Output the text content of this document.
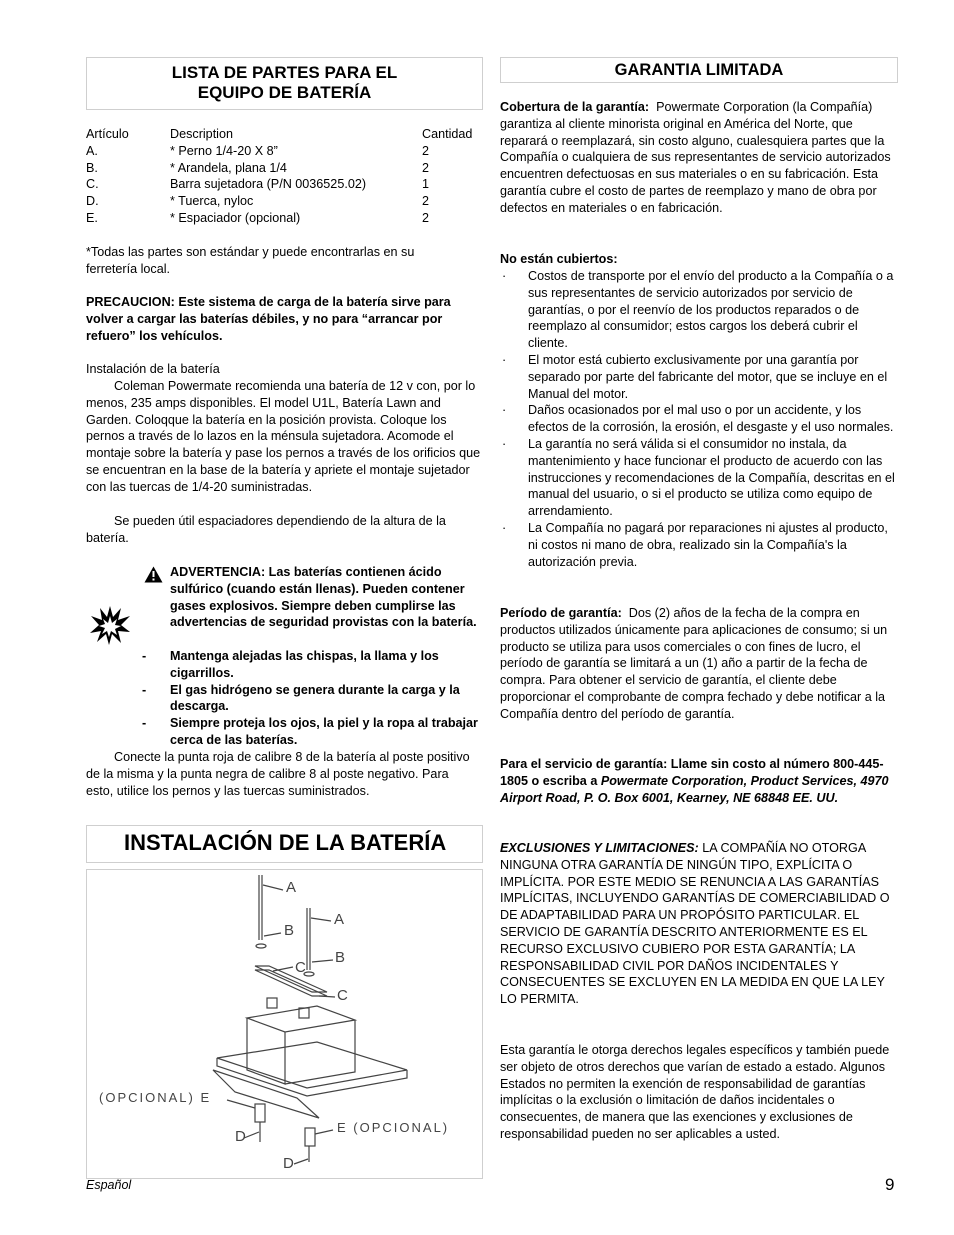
LISTA DE PARTES PARA EL
EQUIPO DE BATERÍA
Artículo	Description	Cantidad
A.	* Perno 1/4-20 X 8”	2
B.	* Arandela, plana 1/4	2
C.	Barra sujetadora (P/N 0036525.02)	1
D.	* Tuerca, nyloc	2
E.	* Espaciador (opcional)	2

*Todas las partes son estándar y puede encontrarlas en su ferretería local.

PRECAUCION: Este sistema de carga de la batería sirve para volver a cargar las baterías débiles, y no para “arrancar por refuero” los vehículos.

Instalación de la batería

Coleman Powermate recomienda una batería de 12 v con, por lo menos, 235 amps disponibles. El model U1L, Batería Lawn and Garden. Coloqque la batería en la posición provista. Coloque los pernos a través de lo lazos en la ménsula sujetadora. Acomode el montaje sobre la batería y pase los pernos a través de los orificios que se encuentran en la base de la batería y apriete el montaje sujetador con las tuercas de 1/4-20 suministradas.

Se pueden útil espaciadores dependiendo de la altura de la batería.

ADVERTENCIA: Las baterías contienen ácido sulfúrico (cuando están llenas). Pueden contener gases explosivos. Siempre deben cumplirse las advertencias de seguridad provistas con la batería.

- Mantenga alejadas las chispas, la llama y los cigarrillos.
- El gas hidrógeno se genera durante la carga y la descarga.
- Siempre proteja los ojos, la piel y la ropa al trabajar cerca de las baterías.

Conecte la punta roja de calibre 8 de la batería al poste positivo de la misma y la punta negra de calibre 8 al poste negativo. Para esto, utilice los pernos y las tuercas suministrados.

INSTALACIÓN DE LA BATERÍA
A
A
B
B
C
C
(OPCIONAL) E
D
E (OPCIONAL)
D
Español
GARANTIA LIMITADA

Cobertura de la garantía: Powermate Corporation (la Compañía) garantiza al cliente minorista original en América del Norte, que reparará o reemplazará, sin costo alguno, cualesquiera partes que la Compañía o cualquiera de sus representantes de servicio autorizados encuentren defectuosas en sus materiales o en su fabricación. Esta garantía cubre el costo de partes de reemplazo y mano de obra por defectos en materiales o en fabricación.

No están cubiertos:

· Costos de transporte por el envío del producto a la Compañía o a sus representantes de servicio autorizados por servicio de garantías, o por el reenvío de los productos reparados o de reemplazo al consumidor; estos cargos los deberá cubrir el cliente.
· El motor está cubierto exclusivamente por una garantía por separado por parte del fabricante del motor, que se incluye en el Manual del motor.
· Daños ocasionados por el mal uso o por un accidente, y los efectos de la corrosión, la erosión, el desgaste y el uso normales.
· La garantía no será válida si el consumidor no instala, da mantenimiento y hace funcionar el producto de acuerdo con las instrucciones y recomendaciones de la Compañía, descritas en el manual del usuario, o si el producto se utiliza como equipo de arrendamiento.
· La Compañía no pagará por reparaciones ni ajustes al producto, ni costos ni mano de obra, realizado sin la Compañía's la autorización previa.

Período de garantía: Dos (2) años de la fecha de la compra en productos utilizados únicamente para aplicaciones de consumo; si un producto se utiliza para usos comerciales o con fines de lucro, el período de garantía se limitará a un (1) año a partir de la fecha de compra. Para obtener el servicio de garantía, el cliente debe proporcionar el comprobante de compra fechado y debe notificar a la Compañía dentro del período de garantía.

Para el servicio de garantía: Llame sin costo al número 800-445-1805 o escriba a Powermate Corporation, Product Services, 4970 Airport Road, P. O. Box 6001, Kearney, NE 68848 EE. UU.

EXCLUSIONES Y LIMITACIONES: LA COMPAÑÍA NO OTORGA NINGUNA OTRA GARANTÍA DE NINGÚN TIPO, EXPLÍCITA O IMPLÍCITA. POR ESTE MEDIO SE RENUNCIA A LAS GARANTÍAS IMPLÍCITAS, INCLUYENDO GARANTÍAS DE COMERCIABILIDAD O DE ADAPTABILIDAD PARA UN PROPÓSITO PARTICULAR. EL SERVICIO DE GARANTÍA DESCRITO ANTERIORMENTE ES EL RECURSO EXCLUSIVO CUBIERO POR ESTA GARANTÍA; LA RESPONSABILIDAD CIVIL POR DAÑOS INCIDENTALES Y CONSECUENTES SE EXCLUYEN EN LA MEDIDA EN QUE LA LEY LO PERMITA.

Esta garantía le otorga derechos legales específicos y también puede ser objeto de otros derechos que varían de estado a estado. Algunos Estados no permiten la exención de responsabilidad de garantías implícitas o la exclusión o limitación de daños incidentales o consecuentes, de manera que las exenciones y exclusiones de responsabilidad pueden no ser aplicables a usted.

9
